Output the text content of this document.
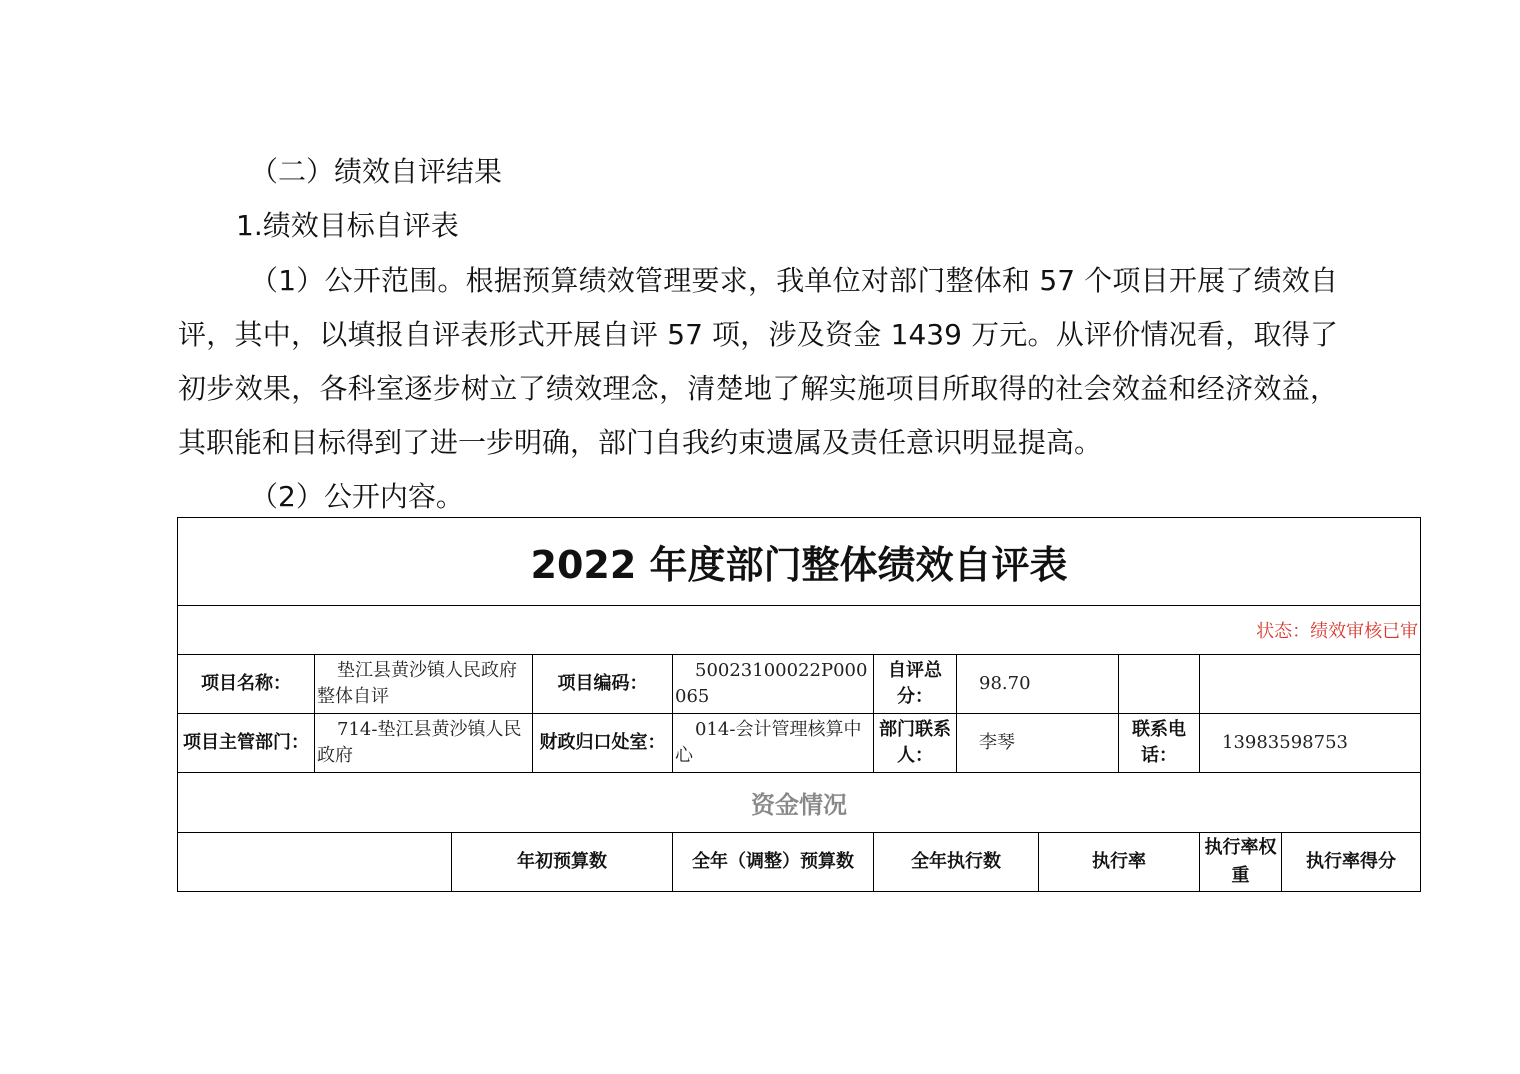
（二）绩效自评结果

1.绩效目标自评表

（1）公开范围。根据预算绩效管理要求，我单位对部门整体和 57 个项目开展了绩效自评，其中，以填报自评表形式开展自评 57 项，涉及资金 1439 万元。从评价情况看，取得了初步效果，各科室逐步树立了绩效理念，清楚地了解实施项目所取得的社会效益和经济效益，其职能和目标得到了进一步明确，部门自我约束遗属及责任意识明显提高。

（2）公开内容。

2022 年度部门整体绩效自评表										
状态：绩效审核已审										
项目名称：	垫江县黄沙镇人民政府整体自评		项目编码：	50023100022P000065	自评总分：	98.70				
项目主管部门：	714-垫江县黄沙镇人民政府		财政归口处室：	014-会计管理核算中心	部门联系人：	李琴		联系电话：	13983598753	
资金情况										
		年初预算数		全年（调整）预算数	全年执行数		执行率		执行率权重	执行率得分
